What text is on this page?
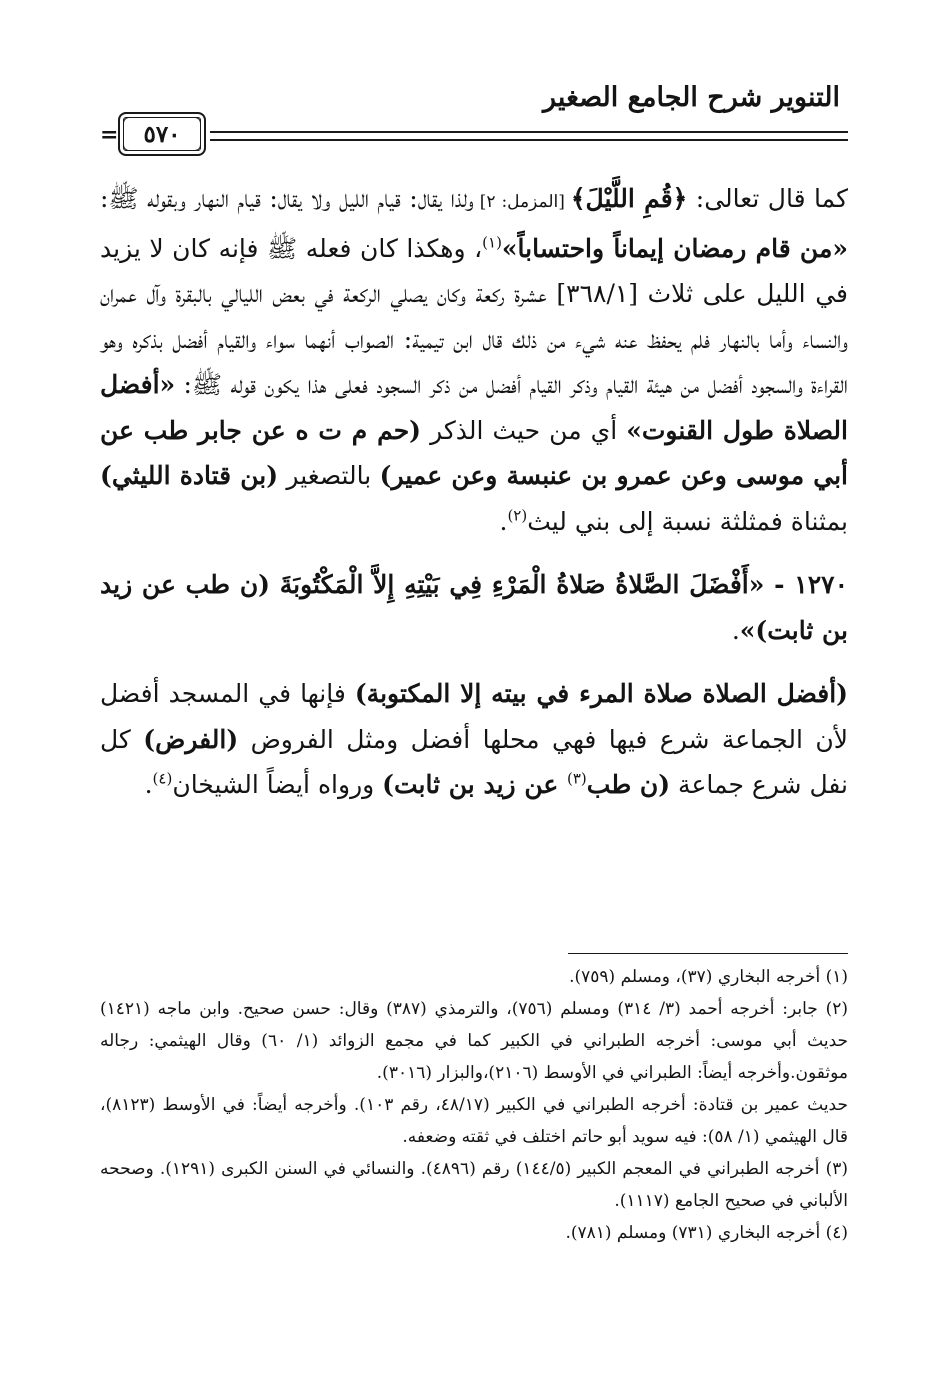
التنوير شرح الجامع الصغير
٥٧٠
=

كما قال تعالى: ﴿قُمِ اللَّيْلَ﴾ [المزمل: ٢] ولذا يقال: قيام الليل ولا يقال: قيام النهار وبقوله ﷺ: «من قام رمضان إيماناً واحتساباً»$^{(١)}$، وهكذا كان فعله ﷺ فإنه كان لا يزيد في الليل على ثلاث [٣٦٨/١] عشرة ركعة وكان يصلي الركعة في بعض الليالي بالبقرة وآل عمران والنساء وأما بالنهار فلم يحفظ عنه شيء من ذلك قال ابن تيمية: الصواب أنهما سواء والقيام أفضل بذكره وهو القراءة والسجود أفضل من هيئة القيام وذكر القيام أفضل من ذكر السجود فعلى هذا يكون قوله ﷺ: «أفضل الصلاة طول القنوت» أي من حيث الذكر (حم م ت ه عن جابر طب عن أبي موسى وعن عمرو بن عنبسة وعن عمير) بالتصغير (بن قتادة الليثي) بمثناة فمثلثة نسبة إلى بني ليث$^{(٢)}$.

١٢٧٠ - «أَفْضَلَ الصَّلاةُ صَلاةُ الْمَرْءِ فِي بَيْتِهِ إِلاَّ الْمَكْتُوبَةَ (ن طب عن زيد بن ثابت)».

(أفضل الصلاة صلاة المرء في بيته إلا المكتوبة) فإنها في المسجد أفضل لأن الجماعة شرع فيها فهي محلها أفضل ومثل الفروض (الفرض) كل نفل شرع جماعة (ن طب$^{(٣)}$ عن زيد بن ثابت) ورواه أيضاً الشيخان$^{(٤)}$.

(١) أخرجه البخاري (٣٧)، ومسلم (٧٥٩).

(٢) جابر: أخرجه أحمد (٣/ ٣١٤) ومسلم (٧٥٦)، والترمذي (٣٨٧) وقال: حسن صحيح. وابن ماجه (١٤٢١) حديث أبي موسى: أخرجه الطبراني في الكبير كما في مجمع الزوائد (١/ ٦٠) وقال الهيثمي: رجاله موثقون.وأخرجه أيضاً: الطبراني في الأوسط (٢١٠٦)،والبزار (٣٠١٦).

حديث عمير بن قتادة: أخرجه الطبراني في الكبير (٤٨/١٧، رقم ١٠٣). وأخرجه أيضاً: في الأوسط (٨١٢٣)، قال الهيثمي (١/ ٥٨): فيه سويد أبو حاتم اختلف في ثقته وضعفه.

(٣) أخرجه الطبراني في المعجم الكبير (١٤٤/٥) رقم (٤٨٩٦). والنسائي في السنن الكبرى (١٢٩١). وصححه الألباني في صحيح الجامع (١١١٧).

(٤) أخرجه البخاري (٧٣١) ومسلم (٧٨١).
